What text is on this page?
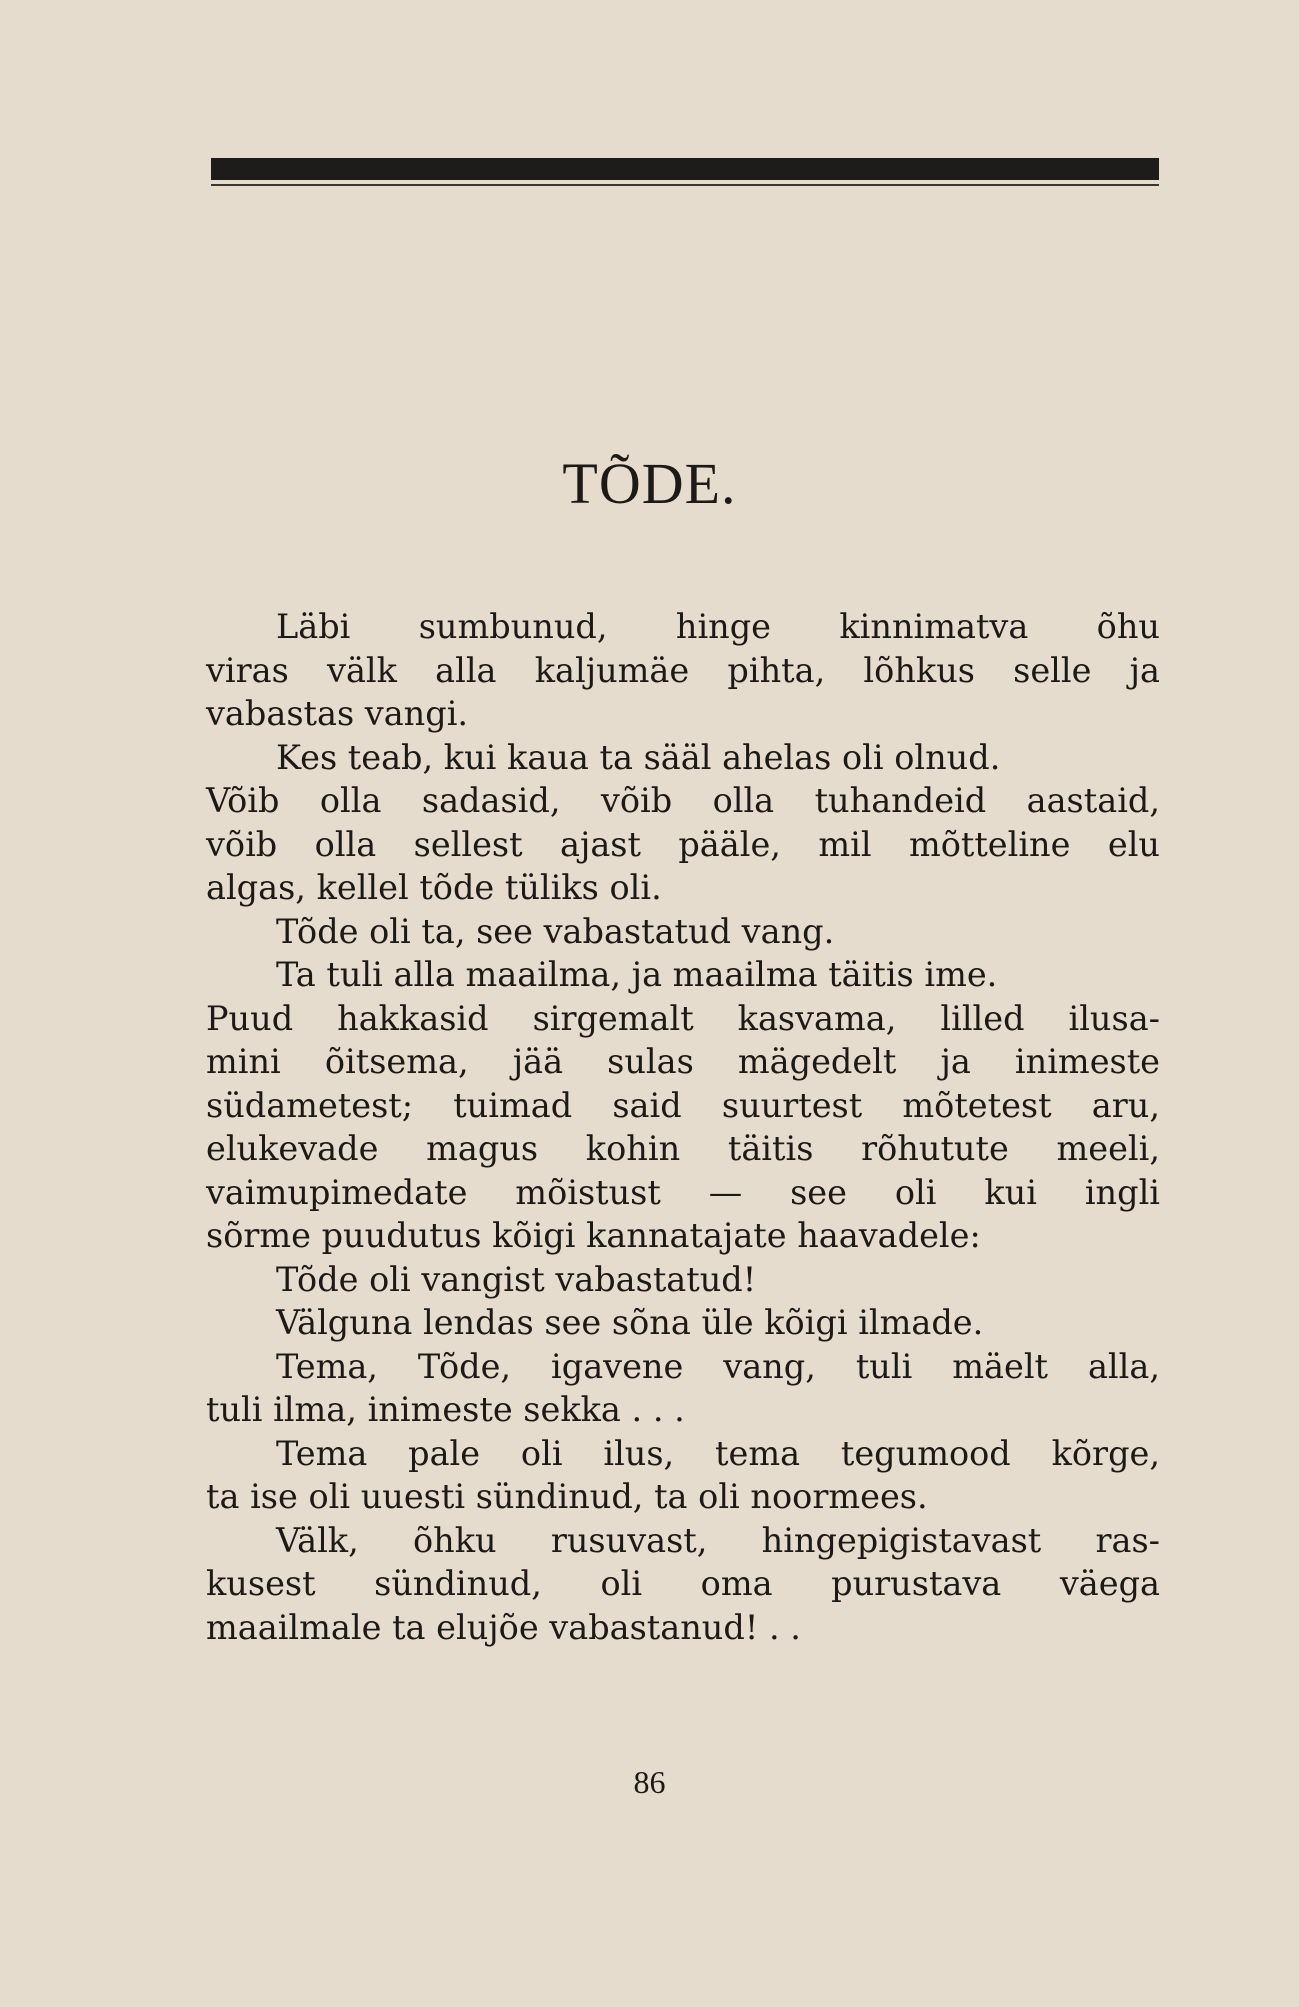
TÕDE.
Läbi sumbunud, hinge kinnimatva õhu
viras välk alla kaljumäe pihta, lõhkus selle ja
vabastas vangi.
Kes teab, kui kaua ta sääl ahelas oli olnud.
Võib olla sadasid, võib olla tuhandeid aastaid,
võib olla sellest ajast pääle, mil mõtteline elu
algas, kellel tõde tüliks oli.
Tõde oli ta, see vabastatud vang.
Ta tuli alla maailma, ja maailma täitis ime.
Puud hakkasid sirgemalt kasvama, lilled ilusa-
mini õitsema, jää sulas mägedelt ja inimeste
südametest; tuimad said suurtest mõtetest aru,
elukevade magus kohin täitis rõhutute meeli,
vaimupimedate mõistust — see oli kui ingli
sõrme puudutus kõigi kannatajate haavadele:
Tõde oli vangist vabastatud!
Välguna lendas see sõna üle kõigi ilmade.
Tema, Tõde, igavene vang, tuli mäelt alla,
tuli ilma, inimeste sekka . . .
Tema pale oli ilus, tema tegumood kõrge,
ta ise oli uuesti sündinud, ta oli noormees.
Välk, õhku rusuvast, hingepigistavast ras-
kusest sündinud, oli oma purustava väega
maailmale ta elujõe vabastanud! . .
86
